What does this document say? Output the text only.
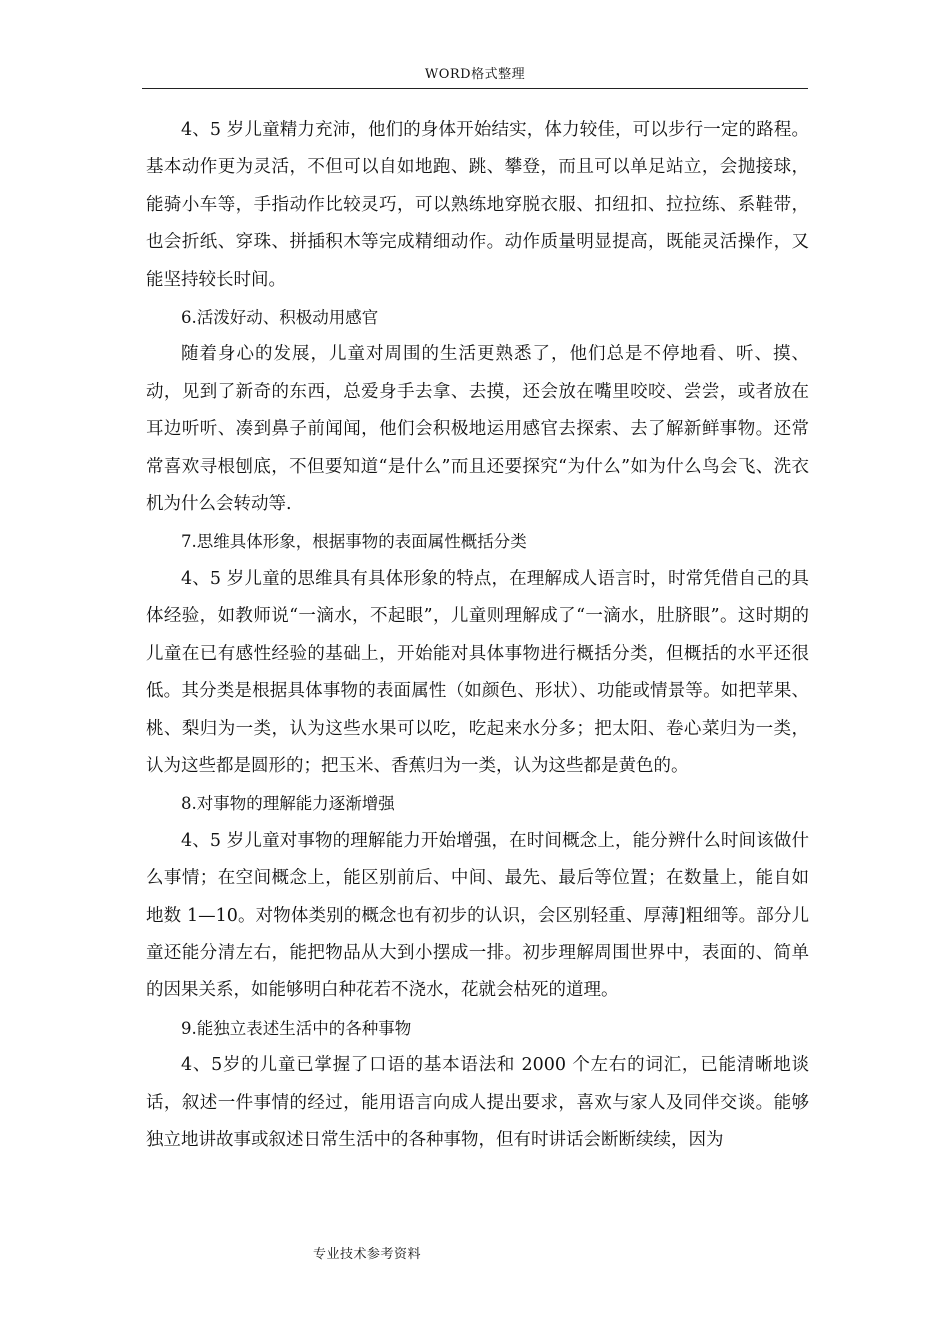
WORD格式整理

4、5 岁儿童精力充沛，他们的身体开始结实，体力较佳，可以步行一定的路程。基本动作更为灵活，不但可以自如地跑、跳、攀登，而且可以单足站立，会抛接球，能骑小车等，手指动作比较灵巧，可以熟练地穿脱衣服、扣纽扣、拉拉练、系鞋带，也会折纸、穿珠、拼插积木等完成精细动作。动作质量明显提高，既能灵活操作，又能坚持较长时间。

6.活泼好动、积极动用感官

随着身心的发展，儿童对周围的生活更熟悉了，他们总是不停地看、听、摸、动，见到了新奇的东西，总爱身手去拿、去摸，还会放在嘴里咬咬、尝尝，或者放在耳边听听、凑到鼻子前闻闻，他们会积极地运用感官去探索、去了解新鲜事物。还常常喜欢寻根刨底，不但要知道“是什么”而且还要探究“为什么”如为什么鸟会飞、洗衣机为什么会转动等.

7.思维具体形象，根据事物的表面属性概括分类

4、5 岁儿童的思维具有具体形象的特点，在理解成人语言时，时常凭借自己的具体经验，如教师说“一滴水，不起眼”，儿童则理解成了“一滴水，肚脐眼”。这时期的儿童在已有感性经验的基础上，开始能对具体事物进行概括分类，但概括的水平还很低。其分类是根据具体事物的表面属性（如颜色、形状）、功能或情景等。如把苹果、桃、梨归为一类，认为这些水果可以吃，吃起来水分多；把太阳、卷心菜归为一类，认为这些都是圆形的；把玉米、香蕉归为一类，认为这些都是黄色的。

8.对事物的理解能力逐渐增强

4、5 岁儿童对事物的理解能力开始增强，在时间概念上，能分辨什么时间该做什么事情；在空间概念上，能区别前后、中间、最先、最后等位置；在数量上，能自如地数 1—10。对物体类别的概念也有初步的认识，会区别轻重、厚薄]粗细等。部分儿童还能分清左右，能把物品从大到小摆成一排。初步理解周围世界中，表面的、简单的因果关系，如能够明白种花若不浇水，花就会枯死的道理。

9.能独立表述生活中的各种事物

4、5岁的儿童已掌握了口语的基本语法和 2000 个左右的词汇，已能清晰地谈话，叙述一件事情的经过，能用语言向成人提出要求，喜欢与家人及同伴交谈。能够独立地讲故事或叙述日常生活中的各种事物，但有时讲话会断断续续，因为

专业技术参考资料
